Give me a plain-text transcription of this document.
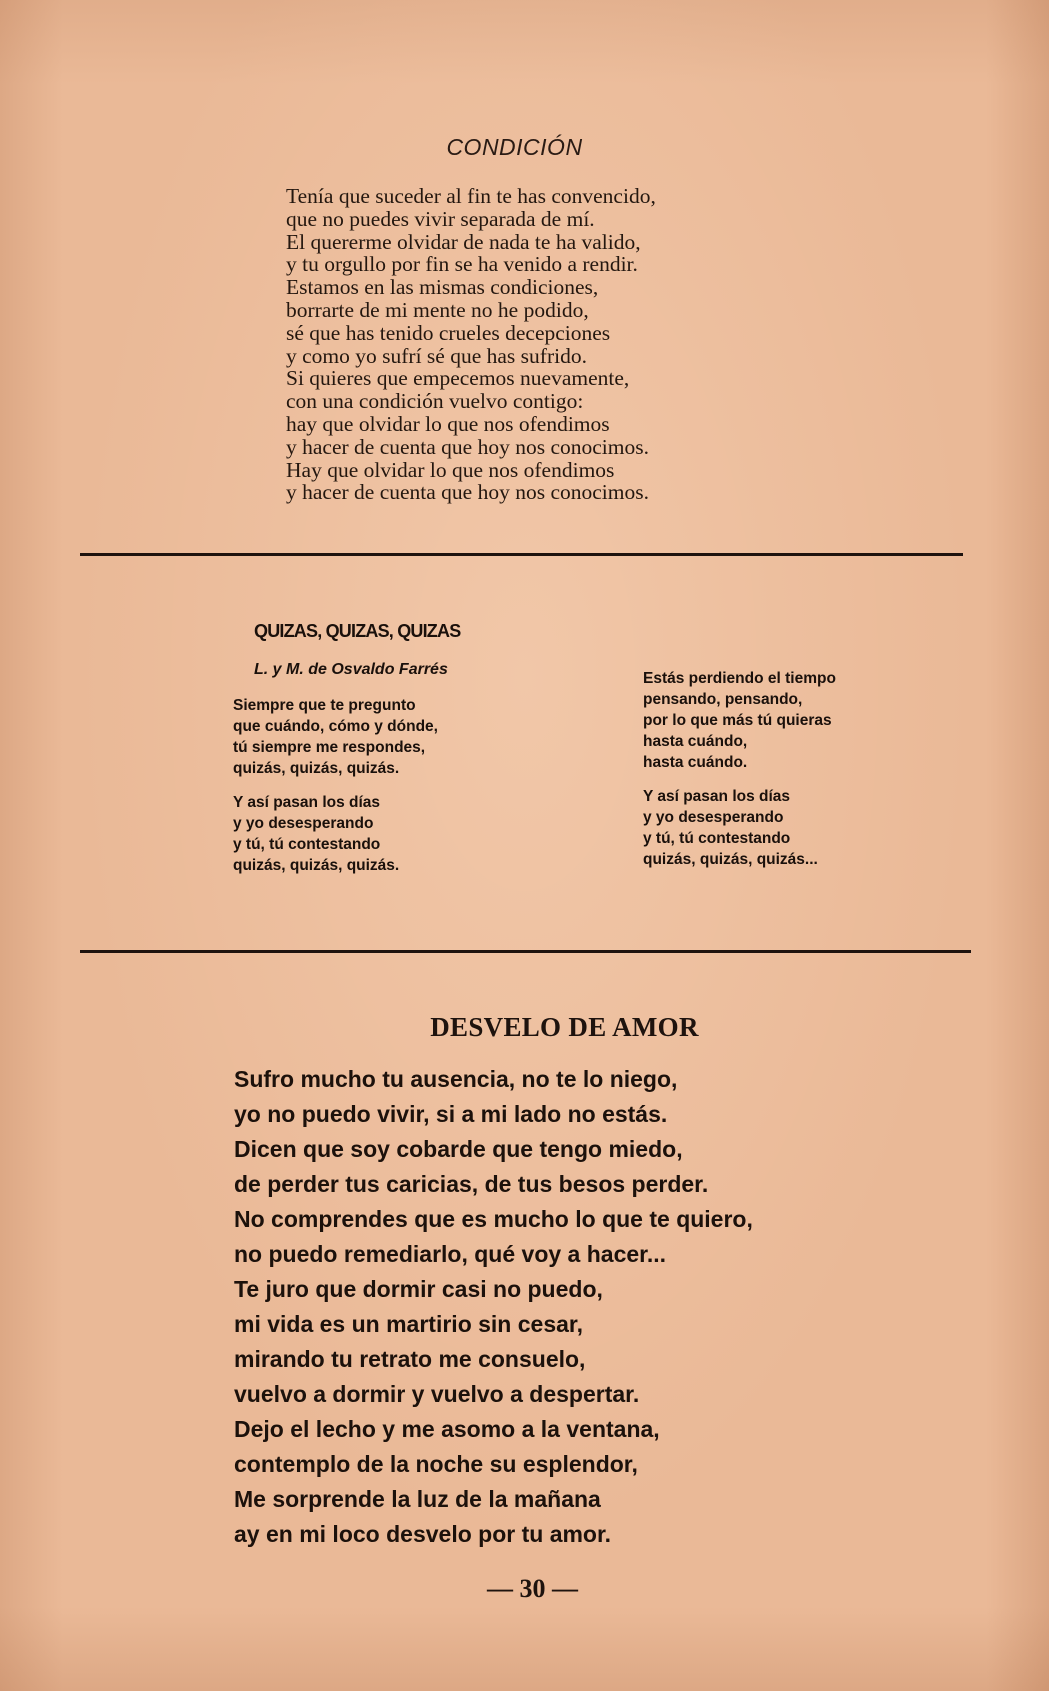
CONDICIÓN
Tenía que suceder al fin te has convencido,
que no puedes vivir separada de mí.
El quererme olvidar de nada te ha valido,
y tu orgullo por fin se ha venido a rendir.
Estamos en las mismas condiciones,
borrarte de mi mente no he podido,
sé que has tenido crueles decepciones
y como yo sufrí sé que has sufrido.
Si quieres que empecemos nuevamente,
con una condición vuelvo contigo:
hay que olvidar lo que nos ofendimos
y hacer de cuenta que hoy nos conocimos.
Hay que olvidar lo que nos ofendimos
y hacer de cuenta que hoy nos conocimos.
QUIZAS, QUIZAS, QUIZAS
L. y M. de Osvaldo Farrés
Siempre que te pregunto
que cuándo, cómo y dónde,
tú siempre me respondes,
quizás, quizás, quizás.
Y así pasan los días
y yo desesperando
y tú, tú contestando
quizás, quizás, quizás.
Estás perdiendo el tiempo
pensando, pensando,
por lo que más tú quieras
hasta cuándo,
hasta cuándo.
Y así pasan los días
y yo desesperando
y tú, tú contestando
quizás, quizás, quizás...
DESVELO DE AMOR
Sufro mucho tu ausencia, no te lo niego,
yo no puedo vivir, si a mi lado no estás.
Dicen que soy cobarde que tengo miedo,
de perder tus caricias, de tus besos perder.
No comprendes que es mucho lo que te quiero,
no puedo remediarlo, qué voy a hacer...
Te juro que dormir casi no puedo,
mi vida es un martirio sin cesar,
mirando tu retrato me consuelo,
vuelvo a dormir y vuelvo a despertar.
Dejo el lecho y me asomo a la ventana,
contemplo de la noche su esplendor,
Me sorprende la luz de la mañana
ay en mi loco desvelo por tu amor.
— 30 —
